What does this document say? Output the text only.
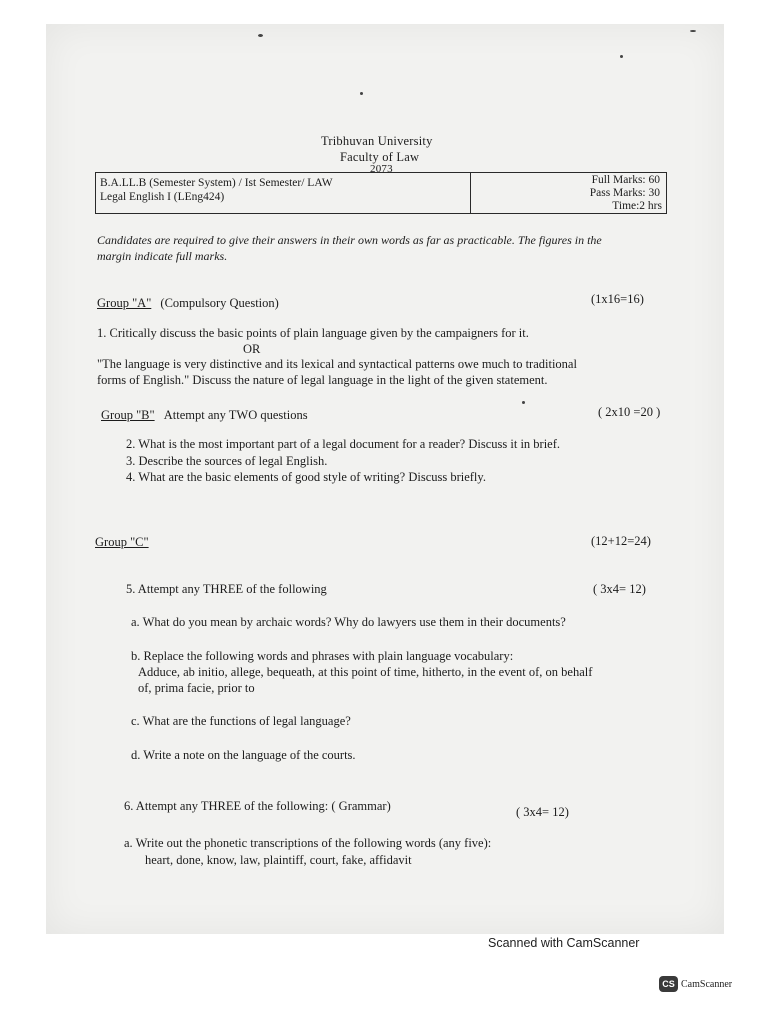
Tribhuvan University
Faculty of Law
2073
B.A.LL.B (Semester System) / Ist Semester/ LAW
Legal English I (LEng424)
Full Marks: 60
Pass Marks: 30
Time:2 hrs
Candidates are required to give their answers in their own words as far as practicable. The figures in the
margin indicate full marks.
Group "A" (Compulsory Question)	(1x16=16)
1. Critically discuss the basic points of plain language given by the campaigners for it.
OR
"The language is very distinctive and its lexical and syntactical patterns owe much to traditional
forms of English." Discuss the nature of legal language in the light of the given statement.
Group "B" Attempt any TWO questions	( 2x10 =20 )
2. What is the most important part of a legal document for a reader? Discuss it in brief.
3. Describe the sources of legal English.
4. What are the basic elements of good style of writing? Discuss briefly.
Group "C"	(12+12=24)
5. Attempt any THREE of the following	( 3x4= 12)
a. What do you mean by archaic words? Why do lawyers use them in their documents?
b. Replace the following words and phrases with plain language vocabulary:
Adduce, ab initio, allege, bequeath, at this point of time, hitherto, in the event of, on behalf
of, prima facie, prior to
c. What are the functions of legal language?
d. Write a note on the language of the courts.
6. Attempt any THREE of the following: ( Grammar)	( 3x4= 12)
a. Write out the phonetic transcriptions of the following words (any five):
heart, done, know, law, plaintiff, court, fake, affidavit
Scanned with CamScanner
CS CamScanner
